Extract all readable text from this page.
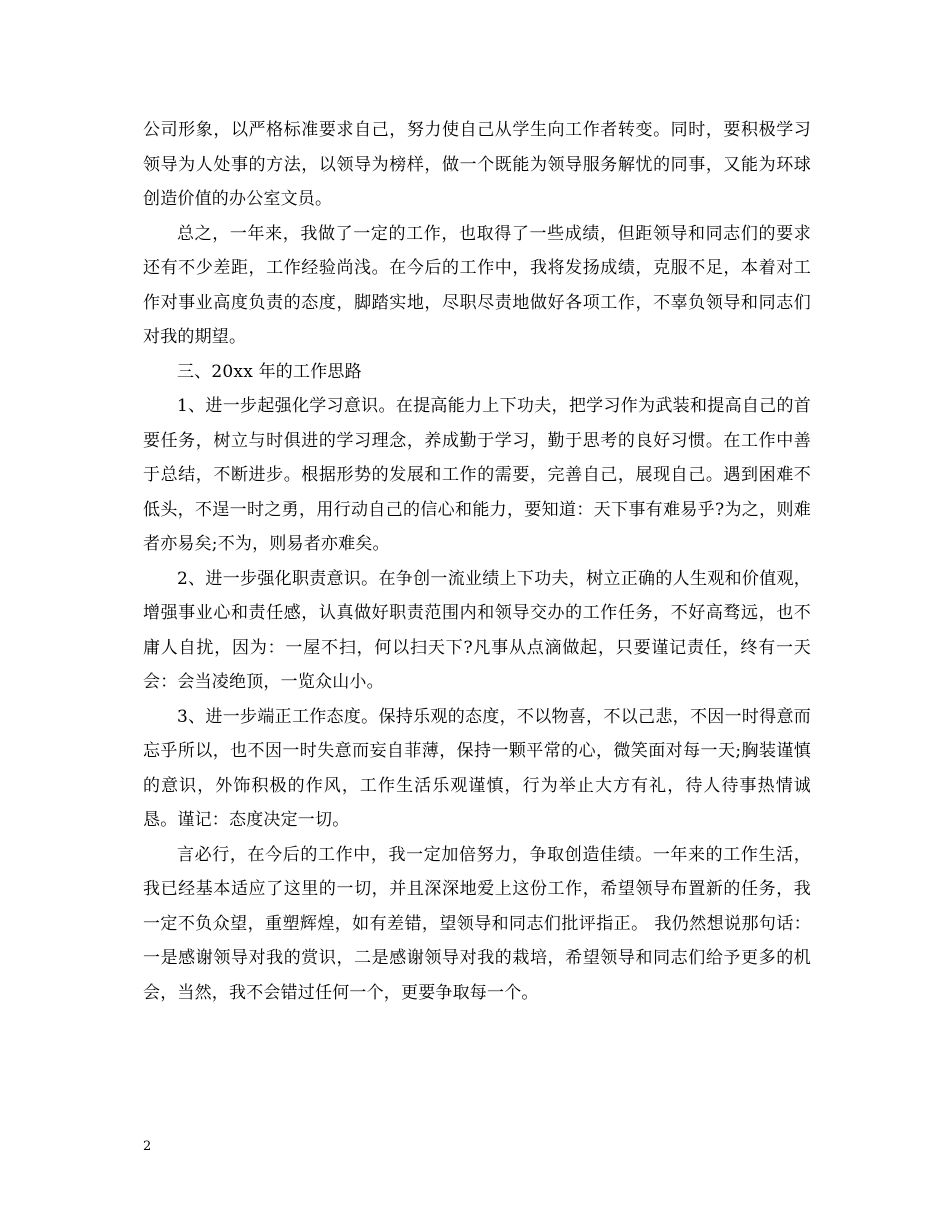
公司形象，以严格标准要求自己，努力使自己从学生向工作者转变。同时，要积极学习领导为人处事的方法，以领导为榜样，做一个既能为领导服务解忧的同事，又能为环球创造价值的办公室文员。

总之，一年来，我做了一定的工作，也取得了一些成绩，但距领导和同志们的要求还有不少差距，工作经验尚浅。在今后的工作中，我将发扬成绩，克服不足，本着对工作对事业高度负责的态度，脚踏实地，尽职尽责地做好各项工作，不辜负领导和同志们对我的期望。

三、20xx 年的工作思路

1、进一步起强化学习意识。在提高能力上下功夫，把学习作为武装和提高自己的首要任务，树立与时俱进的学习理念，养成勤于学习，勤于思考的良好习惯。在工作中善于总结，不断进步。根据形势的发展和工作的需要，完善自己，展现自己。遇到困难不低头，不逞一时之勇，用行动自己的信心和能力，要知道：天下事有难易乎?为之，则难者亦易矣;不为，则易者亦难矣。

2、进一步强化职责意识。在争创一流业绩上下功夫，树立正确的人生观和价值观，增强事业心和责任感，认真做好职责范围内和领导交办的工作任务，不好高骛远，也不庸人自扰，因为：一屋不扫，何以扫天下?凡事从点滴做起，只要谨记责任，终有一天会：会当凌绝顶，一览众山小。

3、进一步端正工作态度。保持乐观的态度，不以物喜，不以己悲，不因一时得意而忘乎所以，也不因一时失意而妄自菲薄，保持一颗平常的心，微笑面对每一天;胸装谨慎的意识，外饰积极的作风，工作生活乐观谨慎，行为举止大方有礼，待人待事热情诚恳。谨记：态度决定一切。

言必行，在今后的工作中，我一定加倍努力，争取创造佳绩。一年来的工作生活，我已经基本适应了这里的一切，并且深深地爱上这份工作，希望领导布置新的任务，我一定不负众望，重塑辉煌，如有差错，望领导和同志们批评指正。 我仍然想说那句话：一是感谢领导对我的赏识，二是感谢领导对我的栽培，希望领导和同志们给予更多的机会，当然，我不会错过任何一个，更要争取每一个。

2
